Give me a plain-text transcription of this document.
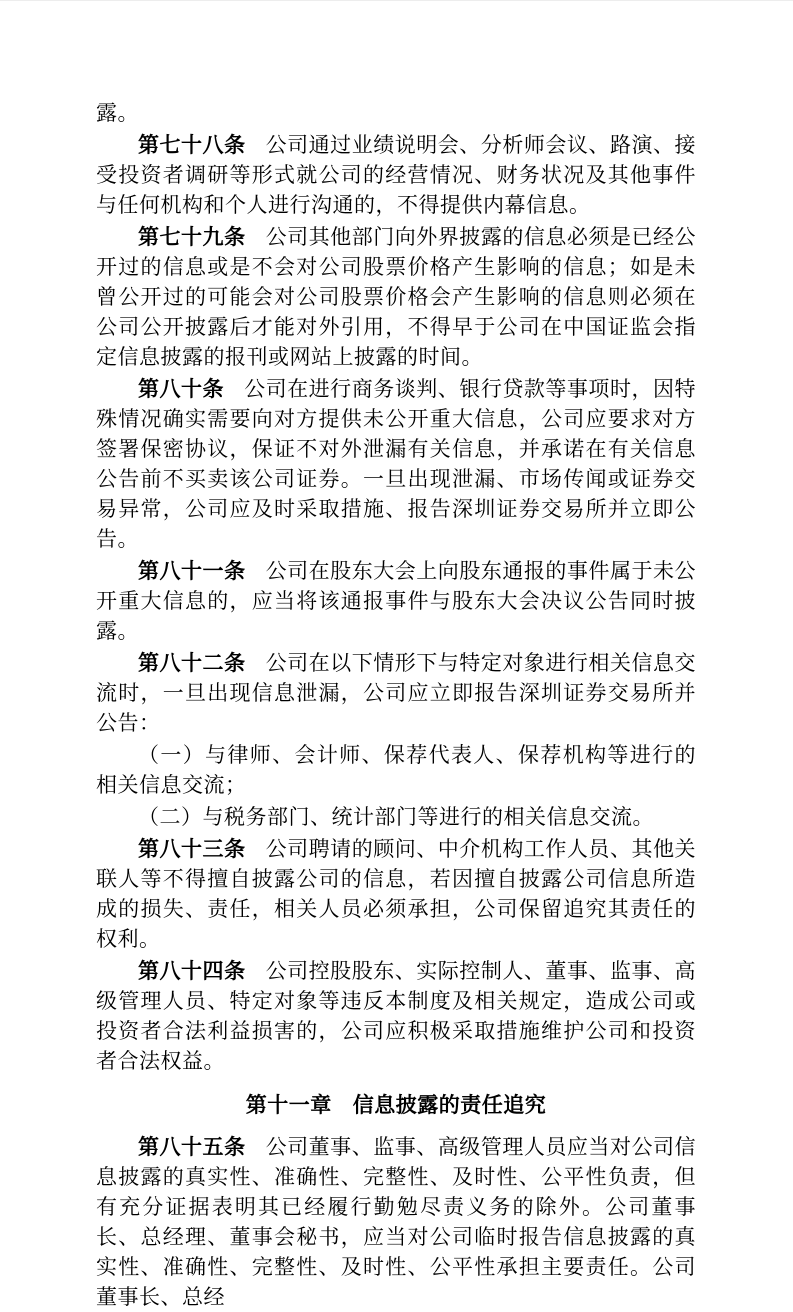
露。

第七十八条 公司通过业绩说明会、分析师会议、路演、接受投资者调研等形式就公司的经营情况、财务状况及其他事件与任何机构和个人进行沟通的，不得提供内幕信息。

第七十九条 公司其他部门向外界披露的信息必须是已经公开过的信息或是不会对公司股票价格产生影响的信息；如是未曾公开过的可能会对公司股票价格会产生影响的信息则必须在公司公开披露后才能对外引用，不得早于公司在中国证监会指定信息披露的报刊或网站上披露的时间。

第八十条 公司在进行商务谈判、银行贷款等事项时，因特殊情况确实需要向对方提供未公开重大信息，公司应要求对方签署保密协议，保证不对外泄漏有关信息，并承诺在有关信息公告前不买卖该公司证券。一旦出现泄漏、市场传闻或证券交易异常，公司应及时采取措施、报告深圳证券交易所并立即公告。

第八十一条 公司在股东大会上向股东通报的事件属于未公开重大信息的，应当将该通报事件与股东大会决议公告同时披露。

第八十二条 公司在以下情形下与特定对象进行相关信息交流时，一旦出现信息泄漏，公司应立即报告深圳证券交易所并公告：

（一）与律师、会计师、保荐代表人、保荐机构等进行的相关信息交流；

（二）与税务部门、统计部门等进行的相关信息交流。

第八十三条 公司聘请的顾问、中介机构工作人员、其他关联人等不得擅自披露公司的信息，若因擅自披露公司信息所造成的损失、责任，相关人员必须承担，公司保留追究其责任的权利。

第八十四条 公司控股股东、实际控制人、董事、监事、高级管理人员、特定对象等违反本制度及相关规定，造成公司或投资者合法利益损害的，公司应积极采取措施维护公司和投资者合法权益。

第十一章 信息披露的责任追究

第八十五条 公司董事、监事、高级管理人员应当对公司信息披露的真实性、准确性、完整性、及时性、公平性负责，但有充分证据表明其已经履行勤勉尽责义务的除外。公司董事长、总经理、董事会秘书，应当对公司临时报告信息披露的真实性、准确性、完整性、及时性、公平性承担主要责任。公司董事长、总经
